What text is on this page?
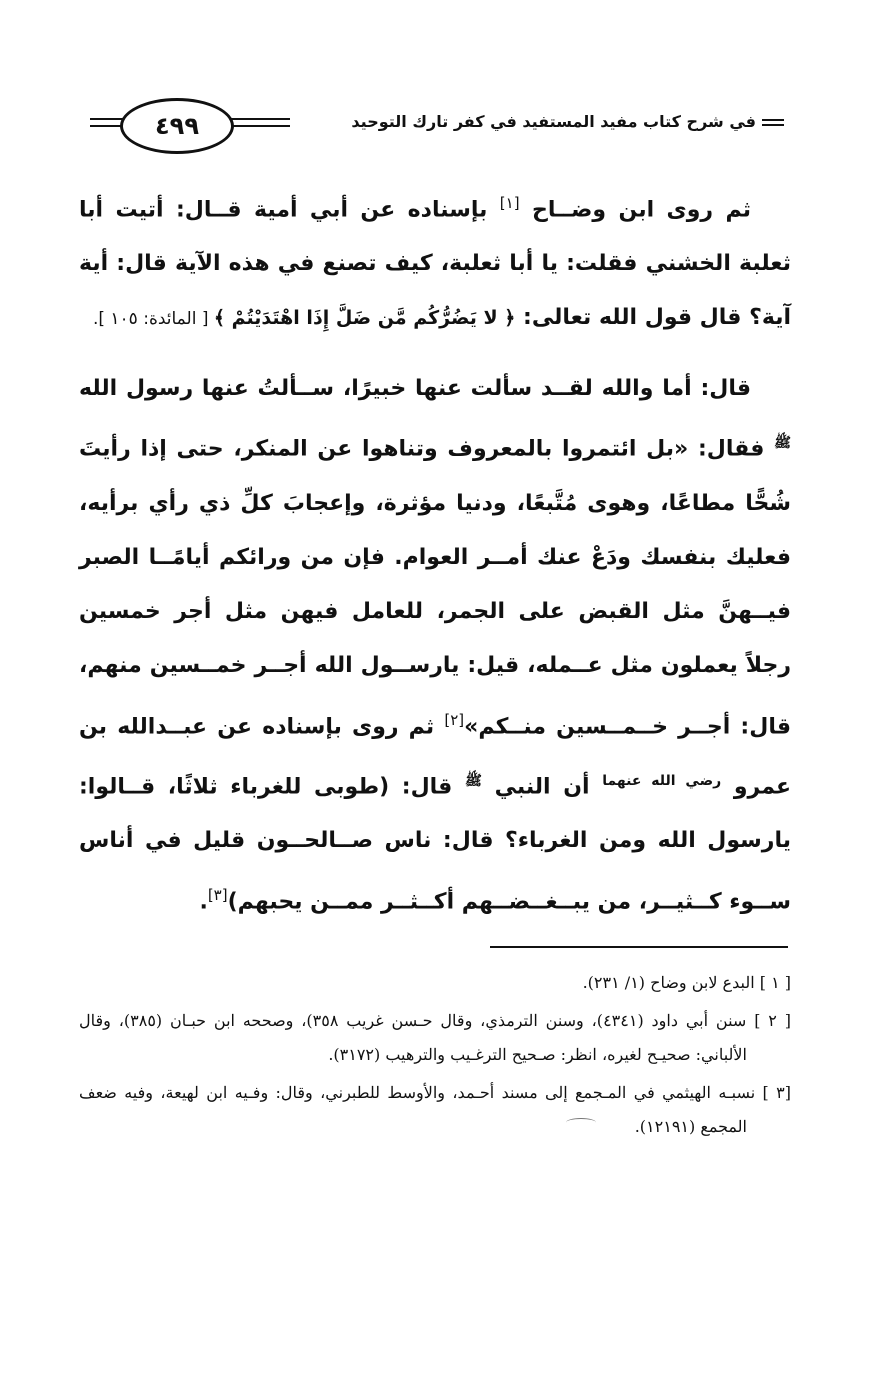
في شرح كتاب مفيد المستفيد في كفر تارك التوحيد
٤٩٩

ثم روى ابن وضــاح [١] بإسناده عن أبي أمية قــال: أتيت أبا ثعلبة الخشني فقلت: يا أبا ثعلبة، كيف تصنع في هذه الآية قال: أية آية؟ قال قول الله تعالى: ﴿ لا يَضُرُّكُم مَّن ضَلَّ إِذَا اهْتَدَيْتُمْ ﴾ [ المائدة: ١٠٥ ].

قال: أما والله لقــد سألت عنها خبيرًا، ســألتُ عنها رسول الله $^ﷺ$ فقال: «بل ائتمروا بالمعروف وتناهوا عن المنكر، حتى إذا رأيتَ شُحًّا مطاعًا، وهوى مُتَّبعًا، ودنيا مؤثرة، وإعجابَ كلِّ ذي رأي برأيه، فعليك بنفسك ودَعْ عنك أمــر العوام. فإن من ورائكم أيامًــا الصبر فيــهنَّ مثل القبض على الجمر، للعامل فيهن مثل أجر خمسين رجلاً يعملون مثل عــمله، قيل: يارســول الله أجــر خمــسين منهم، قال: أجــر خــمــسين منــكم»[٢] ثم روى بإسناده عن عبــدالله بن عمرو $^{رضي الله عنهما}$ أن النبي $^ﷺ$ قال: (طوبى للغرباء ثلاثًا، قــالوا: يارسول الله ومن الغرباء؟ قال: ناس صــالحــون قليل في أناس ســوء كــثيــر، من يبــغــضــهم أكــثــر ممــن يحبهم)[٣].

[ ١ ] البدع لابن وضاح (١/ ٢٣١).

[ ٢ ] سنن أبي داود (٤٣٤١)، وسنن الترمذي، وقال حـسن غريب ٣٥٨)، وصححه ابن حبـان (٣٨٥)، وقال الألباني: صحيـح لغيره، انظر: صـحيح الترغـيب والترهيب (٣١٧٢).

[٣ ] نسبـه الهيثمي في المـجمع إلى مسند أحـمد، والأوسط للطبرني، وقال: وفـيه ابن لهيعة، وفيه ضعف المجمع (١٢١٩١).
